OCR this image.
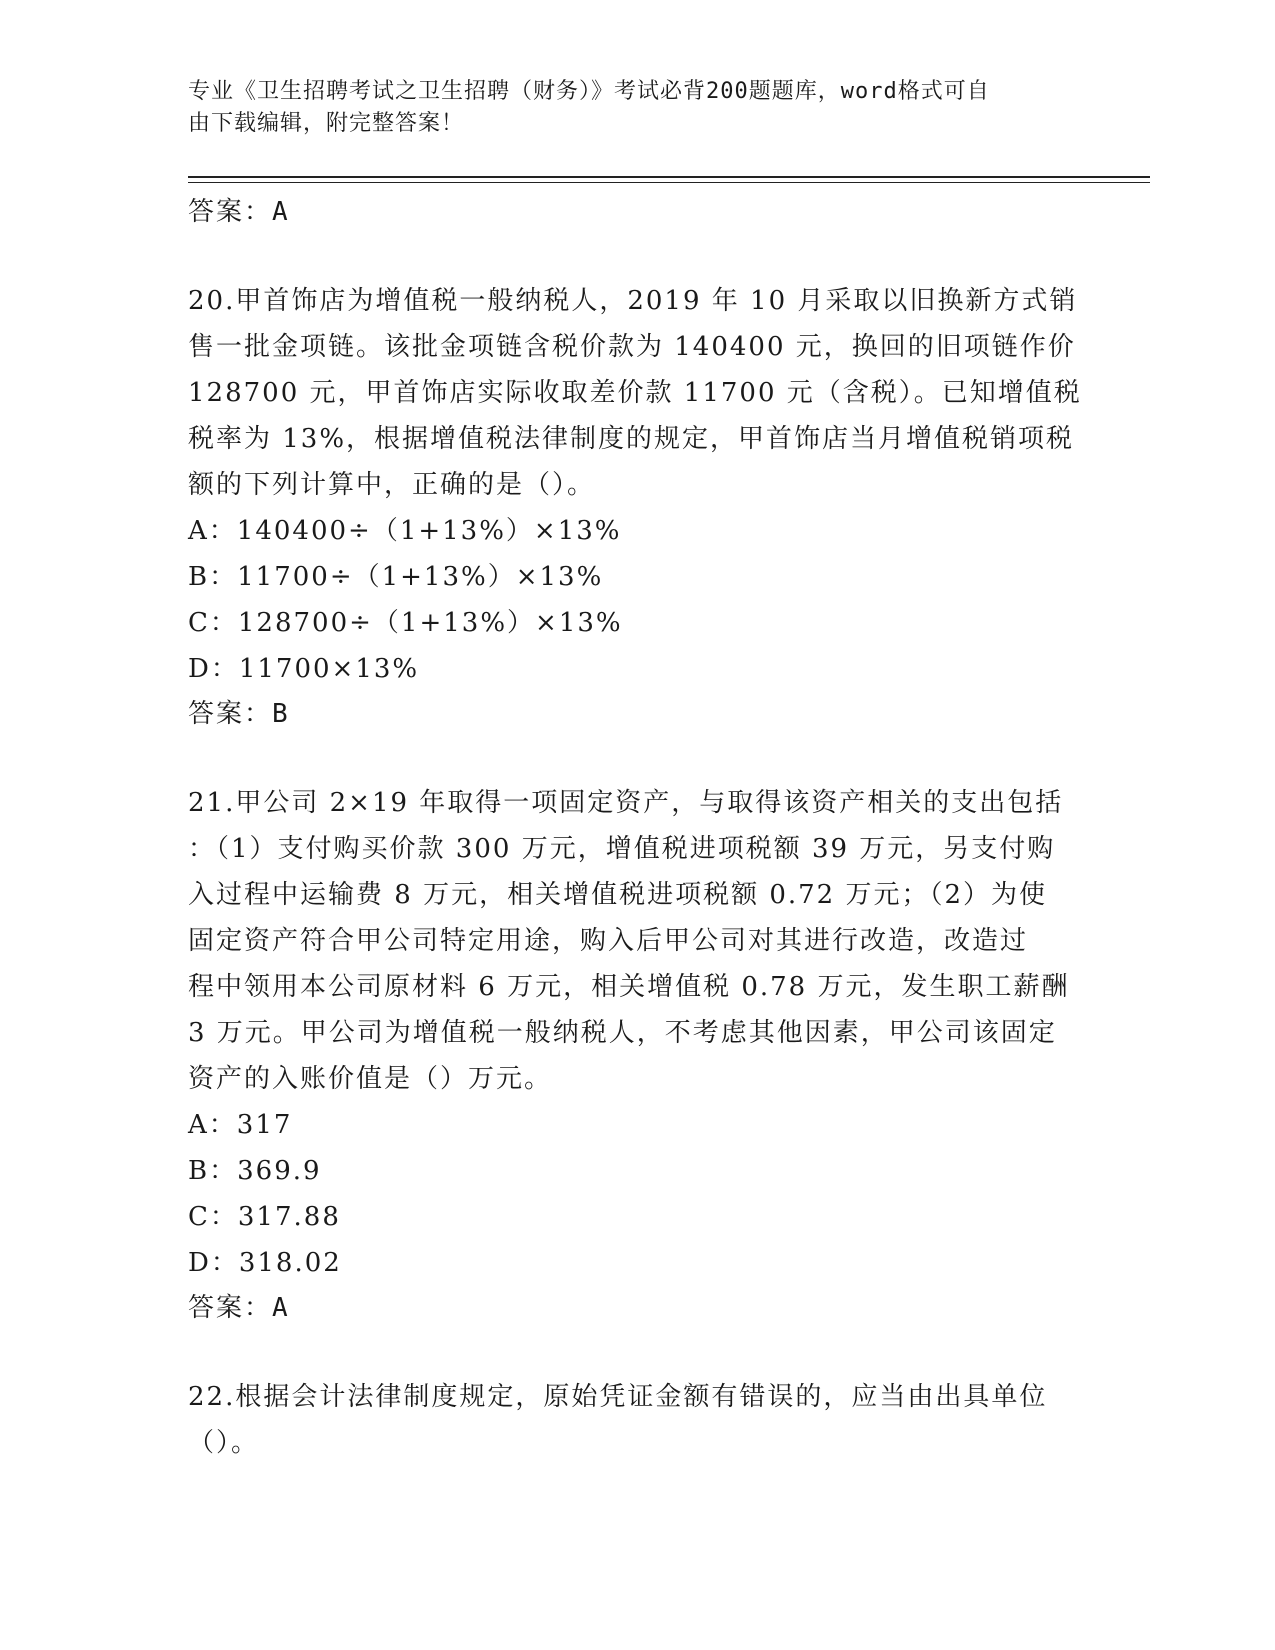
专业《卫生招聘考试之卫生招聘（财务）》考试必背200题题库，word格式可自
由下载编辑，附完整答案！

答案：A

20.甲首饰店为增值税一般纳税人，2019 年 10 月采取以旧换新方式销

售一批金项链。该批金项链含税价款为 140400 元，换回的旧项链作价

128700 元，甲首饰店实际收取差价款 11700 元（含税）。已知增值税

税率为 13%，根据增值税法律制度的规定，甲首饰店当月增值税销项税

额的下列计算中，正确的是（）。

A：140400÷（1+13%）×13%

B：11700÷（1+13%）×13%

C：128700÷（1+13%）×13%

D：11700×13%

答案：B

21.甲公司 2×19 年取得一项固定资产，与取得该资产相关的支出包括

：（1）支付购买价款 300 万元，增值税进项税额 39 万元，另支付购

入过程中运输费 8 万元，相关增值税进项税额 0.72 万元；（2）为使

固定资产符合甲公司特定用途，购入后甲公司对其进行改造，改造过

程中领用本公司原材料 6 万元，相关增值税 0.78 万元，发生职工薪酬

3 万元。甲公司为增值税一般纳税人，不考虑其他因素，甲公司该固定

资产的入账价值是（）万元。

A：317

B：369.9

C：317.88

D：318.02

答案：A

22.根据会计法律制度规定，原始凭证金额有错误的，应当由出具单位

（）。
